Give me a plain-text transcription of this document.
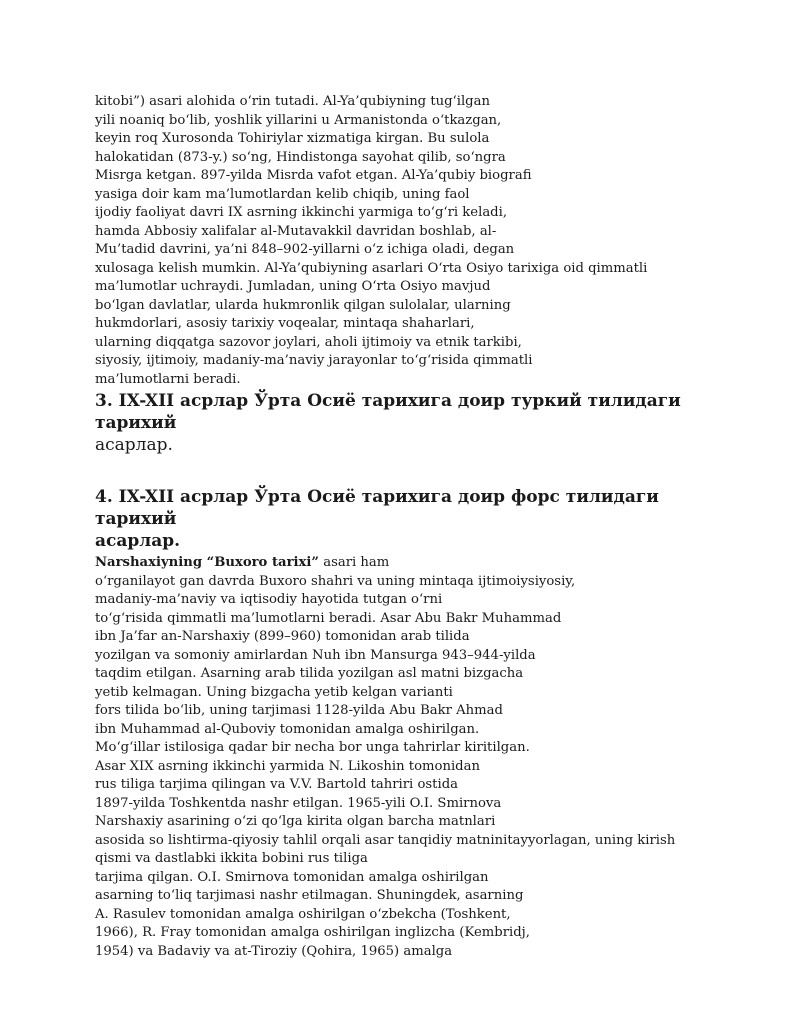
kitobi”) asari alohida oʻrin tutadi. Al-Ya’qubiyning tugʻilgan
yili noaniq boʻlib, yoshlik yillarini u Armanistonda oʻtkazgan,
keyin roq Xurosonda Tohiriylar xizmatiga kirgan. Bu sulola
halokatidan (873-y.) soʻng, Hindistonga sayohat qilib, soʻngra
Misrga ketgan. 897-yilda Misrda vafot etgan. Al-Ya’qubiy biografi
yasiga doir kam ma’lumotlardan kelib chiqib, uning faol
ijodiy faoliyat davri IX asrning ikkinchi yarmiga toʻgʻri keladi,
hamda Abbosiy xalifalar al-Mutavakkil davridan boshlab, al-
Mu’tadid davrini, ya’ni 848–902-yillarni oʻz ichiga oladi, degan
xulosaga kelish mumkin. Al-Ya’qubiyning asarlari Oʻrta Osiyo tarixiga oid qimmatli
ma’lumotlar uchraydi. Jumladan, uning Oʻrta Osiyo mavjud
boʻlgan davlatlar, ularda hukmronlik qilgan sulolalar, ularning
hukmdorlari, asosiy tarixiy voqealar, mintaqa shaharlari,
ularning diqqatga sazovor joylari, aholi ijtimoiy va etnik tarkibi,
siyosiy, ijtimoiy, madaniy-ma’naviy jarayonlar toʻgʻrisida qimmatli
ma’lumotlarni beradi.
3. IX-XII асрлар Ўрта Осиё тарихига доир туркий тилидаги тарихий
асарлар.
4. IX-XII асрлар Ўрта Осиё тарихига доир форс тилидаги тарихий
асарлар.
Narshaxiyning “Buxoro tarixi” asari ham
oʻrganilayot gan davrda Buxoro shahri va uning mintaqa ijtimoiysiyosiy,
madaniy-ma’naviy va iqtisodiy hayotida tutgan oʻrni
toʻgʻrisida qimmatli ma’lumotlarni beradi. Asar Abu Bakr Muhammad
ibn Ja’far an-Narshaxiy (899–960) tomonidan arab tilida
yozilgan va somoniy amirlardan Nuh ibn Mansurga 943–944-yilda
taqdim etilgan. Asarning arab tilida yozilgan asl matni bizgacha
yetib kelmagan. Uning bizgacha yetib kelgan varianti
fors tilida boʻlib, uning tarjimasi 1128-yilda Abu Bakr Ahmad
ibn Muhammad al-Quboviy tomonidan amalga oshirilgan.
Moʻgʻillar istilosiga qadar bir necha bor unga tahrirlar kiritilgan.
Asar XIX asrning ikkinchi yarmida N. Likoshin tomonidan
rus tiliga tarjima qilingan va V.V. Bartold tahriri ostida
1897-yilda Toshkentda nashr etilgan. 1965-yili O.I. Smirnova
Narshaxiy asarining oʻzi qoʻlga kirita olgan barcha matnlari
asosida so lishtirma-qiyosiy tahlil orqali asar tanqidiy matninitayyorlagan, uning kirish
qismi va dastlabki ikkita bobini rus tiliga
tarjima qilgan. O.I. Smirnova tomonidan amalga oshirilgan
asarning toʻliq tarjimasi nashr etilmagan. Shuningdek, asarning
A. Rasulev tomonidan amalga oshirilgan oʻzbekcha (Toshkent,
1966), R. Fray tomonidan amalga oshirilgan inglizcha (Kembridj,
1954) va Badaviy va at-Tiroziy (Qohira, 1965) amalga
